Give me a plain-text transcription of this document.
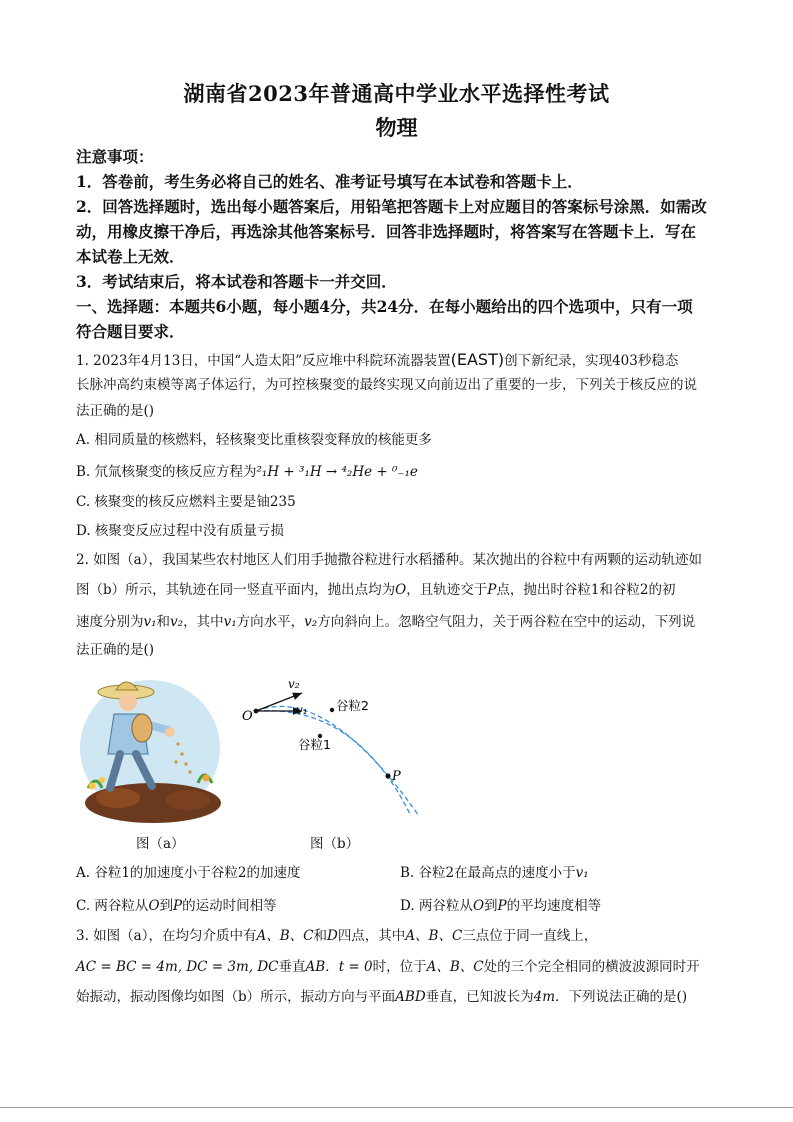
湖南省2023年普通高中学业水平选择性考试
物理
注意事项：
1．答卷前，考生务必将自己的姓名、准考证号填写在本试卷和答题卡上．
2．回答选择题时，选出每小题答案后，用铅笔把答题卡上对应题目的答案标号涂黑．如需改
动，用橡皮擦干净后，再选涂其他答案标号．回答非选择题时，将答案写在答题卡上．写在
本试卷上无效．
3．考试结束后，将本试卷和答题卡一并交回．
一、选择题：本题共6小题，每小题4分，共24分．在每小题给出的四个选项中，只有一项
符合题目要求．
1. 2023年4月13日，中国“人造太阳”反应堆中科院环流器装置(EAST)创下新纪录，实现403秒稳态
长脉冲高约束模等离子体运行，为可控核聚变的最终实现又向前迈出了重要的一步，下列关于核反应的说
法正确的是()
A. 相同质量的核燃料，轻核聚变比重核裂变释放的核能更多
B. 氘氚核聚变的核反应方程为²₁H + ³₁H → ⁴₂He + ⁰₋₁e
C. 核聚变的核反应燃料主要是铀235
D. 核聚变反应过程中没有质量亏损
2. 如图（a），我国某些农村地区人们用手抛撒谷粒进行水稻播种。某次抛出的谷粒中有两颗的运动轨迹如
图（b）所示，其轨迹在同一竖直平面内，抛出点均为O，且轨迹交于P点，抛出时谷粒1和谷粒2的初
速度分别为v₁和v₂，其中v₁方向水平，v₂方向斜向上。忽略空气阻力，关于两谷粒在空中的运动，下列说
法正确的是()
图（a）
v₂
v₁
O
P
谷粒2
谷粒1
图（b）
A. 谷粒1的加速度小于谷粒2的加速度	B. 谷粒2在最高点的速度小于v₁
C. 两谷粒从O到P的运动时间相等	D. 两谷粒从O到P的平均速度相等
3. 如图（a），在均匀介质中有A、B、C和D四点，其中A、B、C三点位于同一直线上，
AC = BC = 4m, DC = 3m, DC垂直AB．t = 0时，位于A、B、C处的三个完全相同的横波波源同时开
始振动，振动图像均如图（b）所示，振动方向与平面ABD垂直，已知波长为4m．下列说法正确的是()
